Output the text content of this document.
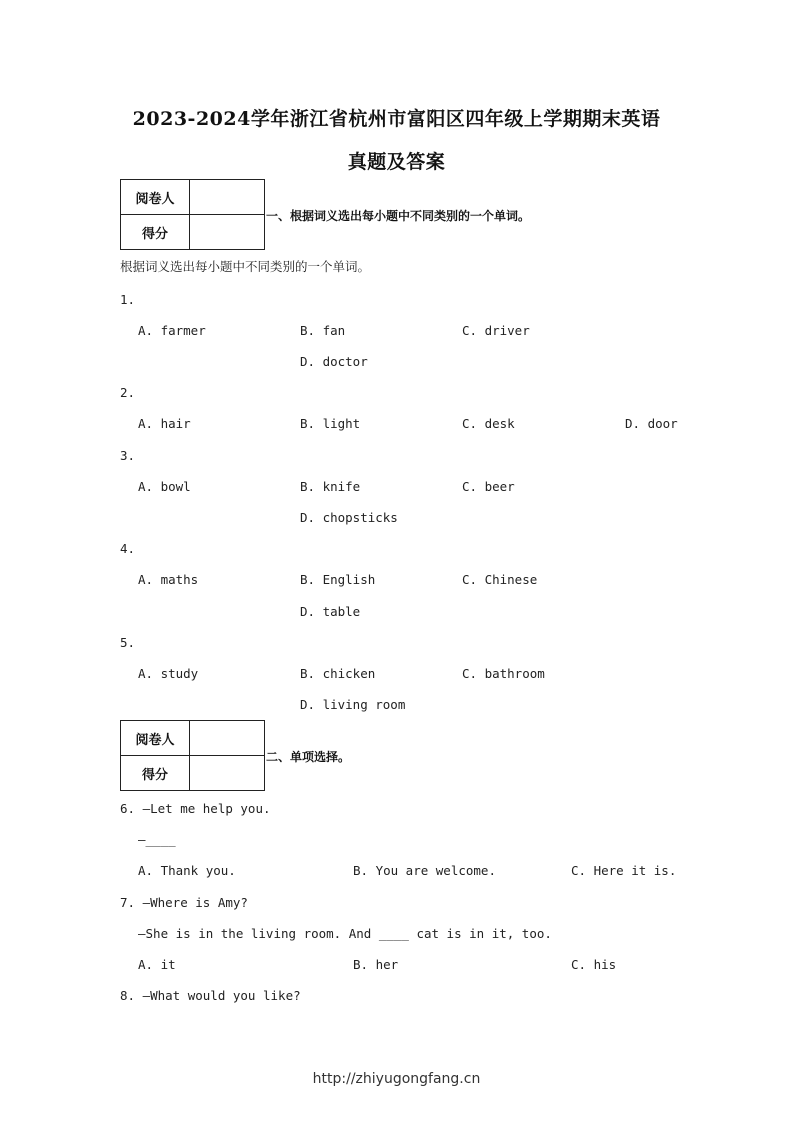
2023-2024学年浙江省杭州市富阳区四年级上学期期末英语
真题及答案
阅卷人	
得分	
一、根据词义选出每小题中不同类别的一个单词。
根据词义选出每小题中不同类别的一个单词。
1.
A. farmer	B. fan	C. driver
D. doctor
2.
A. hair	B. light	C. desk	D. door
3.
A. bowl	B. knife	C. beer
D. chopsticks
4.
A. maths	B. English	C. Chinese
D. table
5.
A. study	B. chicken	C. bathroom
D. living room
阅卷人	
得分	
二、单项选择。
6. —Let me help you.
—____
A. Thank you.	B. You are welcome.	C. Here it is.
7. —Where is Amy?
—She is in the living room. And ____ cat is in it, too.
A. it	B. her	C. his
8. —What would you like?
http://zhiyugongfang.cn
